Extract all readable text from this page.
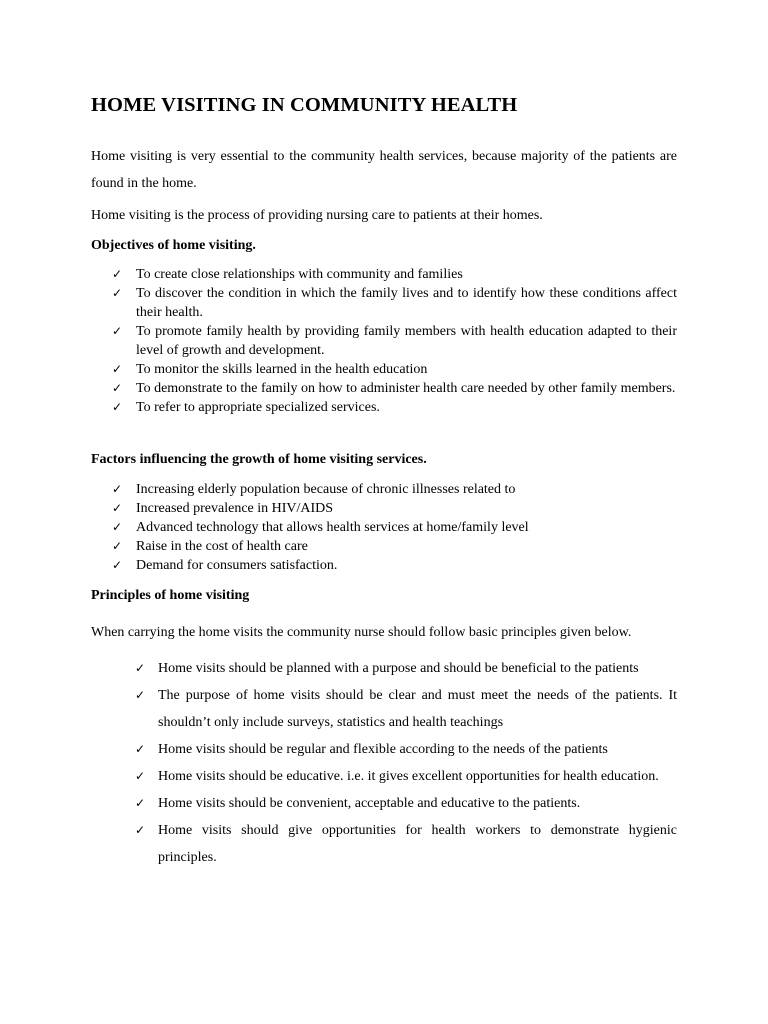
HOME VISITING IN COMMUNITY HEALTH

Home visiting is very essential to the community health services, because majority of the patients are found in the home.

Home visiting is the process of providing nursing care to patients at their homes.

Objectives of home visiting.
✓ To create close relationships with community and families
✓ To discover the condition in which the family lives and to identify how these conditions affect their health.
✓ To promote family health by providing family members with health education adapted to their level of growth and development.
✓ To monitor the skills learned in the health education
✓ To demonstrate to the family on how to administer health care needed by other family members.
✓ To refer to appropriate specialized services.
Factors influencing the growth of home visiting services.
✓ Increasing elderly population because of chronic illnesses related to
✓ Increased prevalence in HIV/AIDS
✓ Advanced technology that allows health services at home/family level
✓ Raise in the cost of health care
✓ Demand for consumers satisfaction.
Principles of home visiting

When carrying the home visits the community nurse should follow basic principles given below.

✓ Home visits should be planned with a purpose and should be beneficial to the patients
✓ The purpose of home visits should be clear and must meet the needs of the patients. It shouldn’t only include surveys, statistics and health teachings
✓ Home visits should be regular and flexible according to the needs of the patients
✓ Home visits should be educative. i.e. it gives excellent opportunities for health education.
✓ Home visits should be convenient, acceptable and educative to the patients.
✓ Home visits should give opportunities for health workers to demonstrate hygienic principles.
